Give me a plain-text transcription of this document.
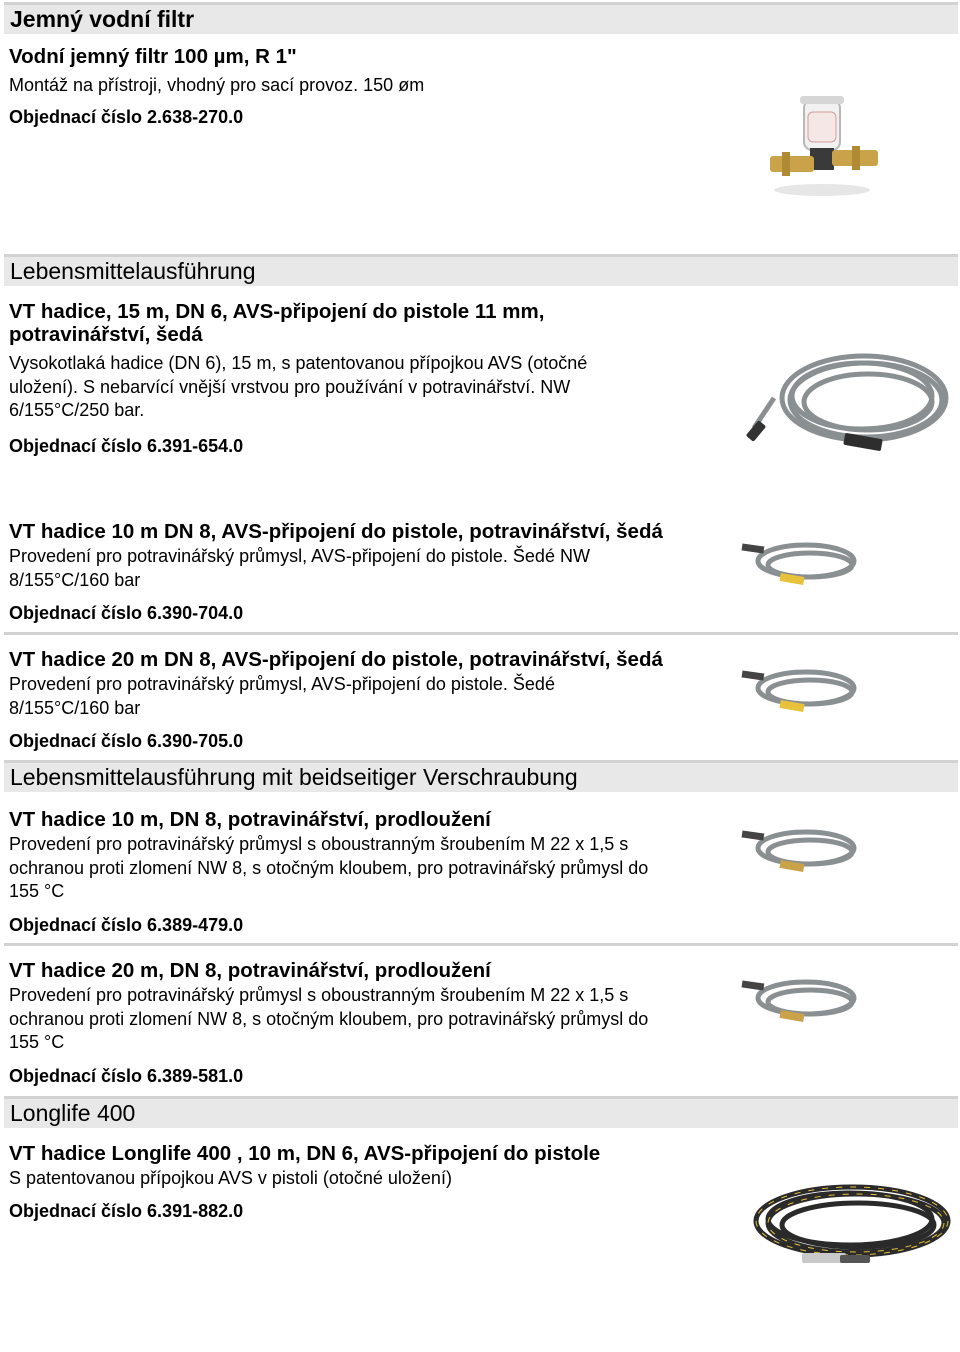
Jemný vodní filtr
Vodní jemný filtr 100 µm, R 1"
Montáž na přístroji, vhodný pro sací provoz. 150 øm
Objednací číslo 2.638-270.0
Lebensmittelausführung
VT hadice, 15 m, DN 6, AVS-připojení do pistole 11 mm,
potravinářství, šedá
Vysokotlaká hadice (DN 6), 15 m, s patentovanou přípojkou AVS (otočné
uložení). S nebarvící vnější vrstvou pro používání v potravinářství. NW
6/155°C/250 bar.
Objednací číslo 6.391-654.0
VT hadice 10 m DN 8, AVS-připojení do pistole, potravinářství, šedá
Provedení pro potravinářský průmysl, AVS-připojení do pistole. Šedé NW
8/155°C/160 bar
Objednací číslo 6.390-704.0
VT hadice 20 m DN 8, AVS-připojení do pistole, potravinářství, šedá
Provedení pro potravinářský průmysl, AVS-připojení do pistole. Šedé
8/155°C/160 bar
Objednací číslo 6.390-705.0
Lebensmittelausführung mit beidseitiger Verschraubung
VT hadice 10 m, DN 8, potravinářství, prodloužení
Provedení pro potravinářský průmysl s oboustranným šroubením M 22 x 1,5 s
ochranou proti zlomení NW 8, s otočným kloubem, pro potravinářský průmysl do
155 °C
Objednací číslo 6.389-479.0
VT hadice 20 m, DN 8, potravinářství, prodloužení
Provedení pro potravinářský průmysl s oboustranným šroubením M 22 x 1,5 s
ochranou proti zlomení NW 8, s otočným kloubem, pro potravinářský průmysl do
155 °C
Objednací číslo 6.389-581.0
Longlife 400
VT hadice Longlife 400 , 10 m, DN 6, AVS-připojení do pistole
S patentovanou přípojkou AVS v pistoli (otočné uložení)
Objednací číslo 6.391-882.0
